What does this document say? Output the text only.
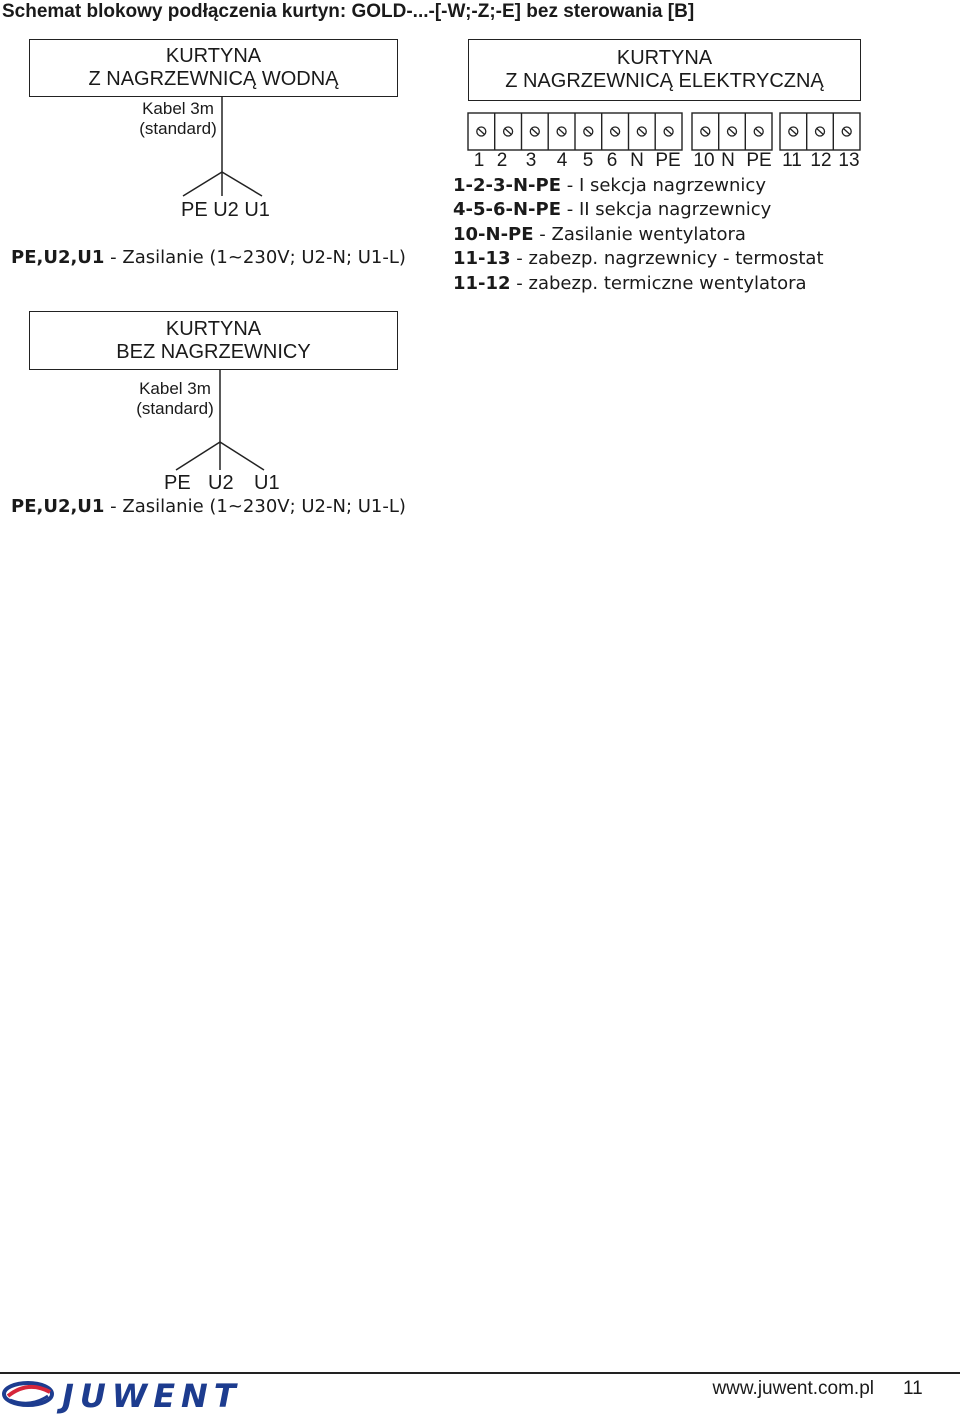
Schemat blokowy podłączenia kurtyn: GOLD-...-[-W;-Z;-E] bez sterowania [B]
KURTYNA
Z NAGRZEWNICĄ WODNĄ
Kabel 3m
(standard)
PE U2 U1
PE,U2,U1 - Zasilanie (1~230V; U2-N; U1-L)
KURTYNA
Z NAGRZEWNICĄ ELEKTRYCZNĄ
1 2 3	4 5 6 N PE 10 N PE 11 12 13
1-2-3-N-PE - I sekcja nagrzewnicy
4-5-6-N-PE - II sekcja nagrzewnicy
10-N-PE - Zasilanie wentylatora
11-13 - zabezp. nagrzewnicy - termostat
11-12 - zabezp. termiczne wentylatora
KURTYNA
BEZ NAGRZEWNICY
Kabel 3m
(standard)
PE U2 U1
PE,U2,U1 - Zasilanie (1~230V; U2-N; U1-L)
JUWENT	www.juwent.com.pl 11
